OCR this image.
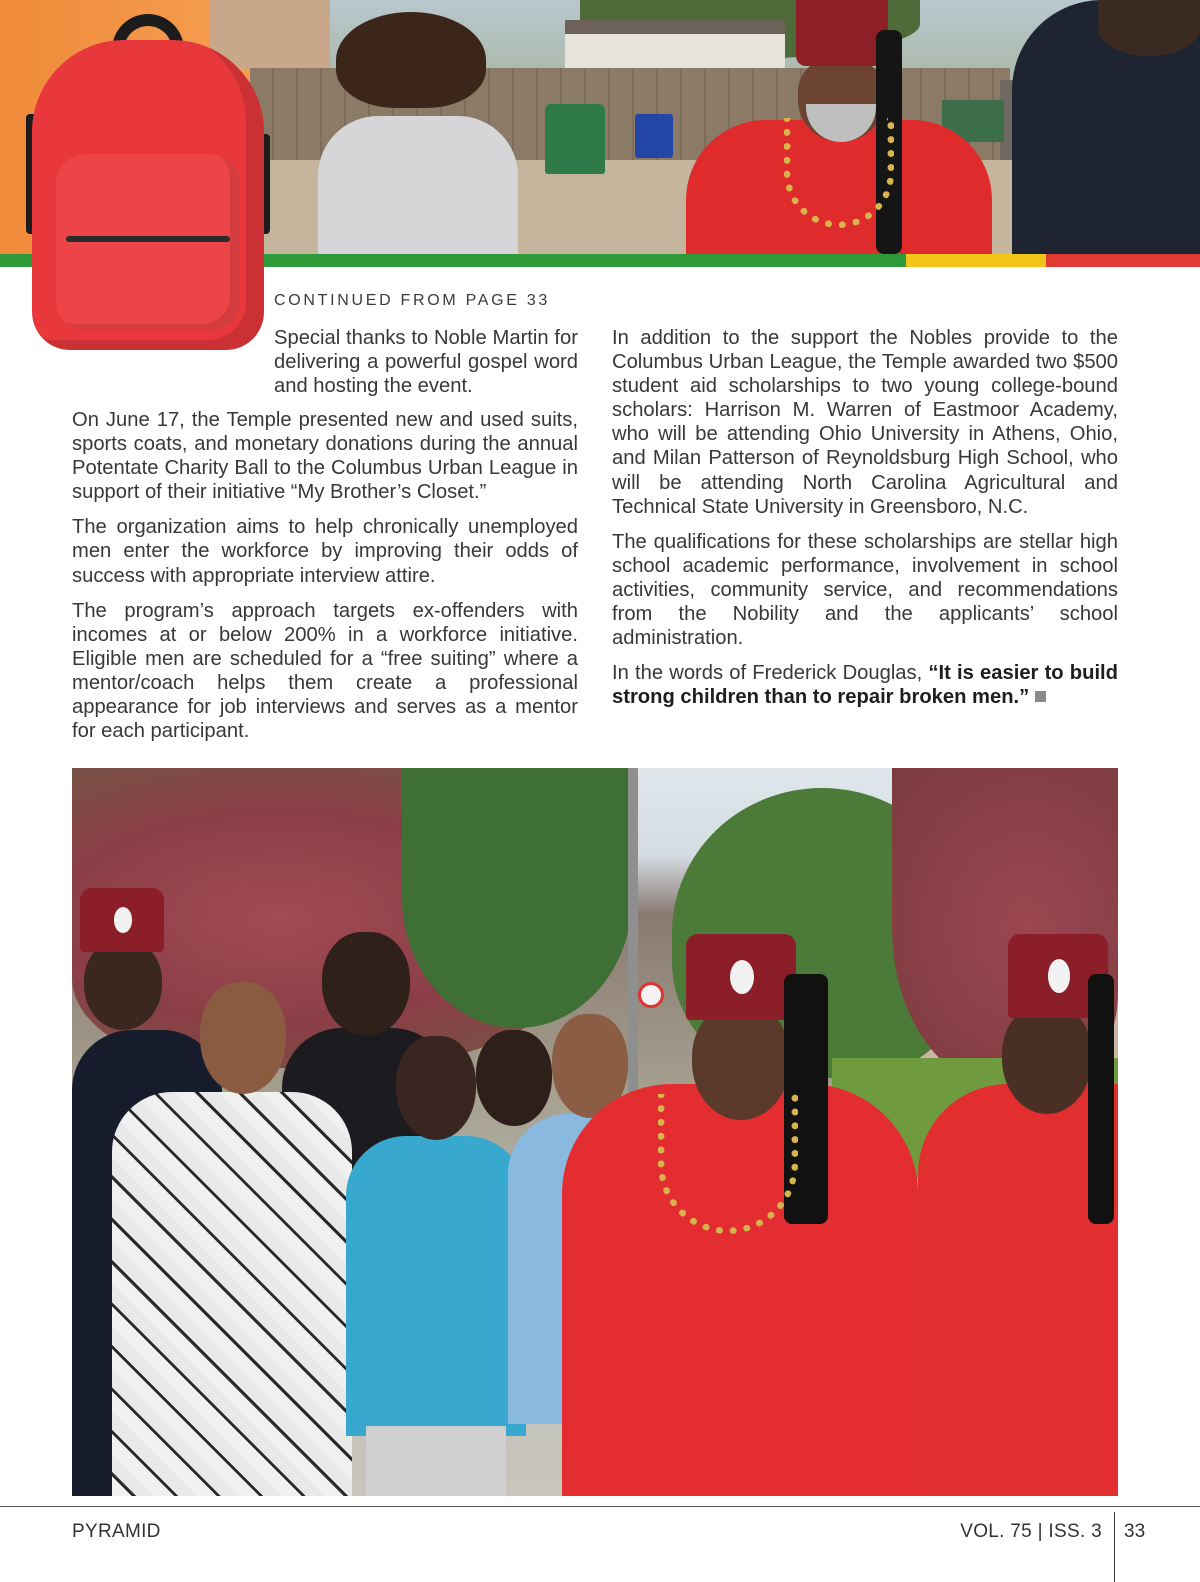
CONTINUED FROM PAGE 33

Special thanks to Noble Martin for delivering a powerful gospel word and hosting the event.

On June 17, the Temple presented new and used suits, sports coats, and monetary donations during the annual Potentate Charity Ball to the Columbus Urban League in support of their initiative “My Brother’s Closet.”

The organization aims to help chronically unemployed men enter the workforce by improving their odds of success with appropriate interview attire.

The program’s approach targets ex-offenders with incomes at or below 200% in a workforce initiative. Eligible men are scheduled for a “free suiting” where a mentor/coach helps them create a professional appearance for job interviews and serves as a mentor for each participant.

In addition to the support the Nobles provide to the Columbus Urban League, the Temple awarded two $500 student aid scholarships to two young college-bound scholars: Harrison M. Warren of Eastmoor Academy, who will be attending Ohio University in Athens, Ohio, and Milan Patterson of Reynoldsburg High School, who will be attending North Carolina Agricultural and Technical State University in Greensboro, N.C.

The qualifications for these scholarships are stellar high school academic performance, involvement in school activities, community service, and recommendations from the Nobility and the applicants’ school administration.

In the words of Frederick Douglas, “It is easier to build strong children than to repair broken men.”

PYRAMID	VOL. 75 | ISS. 3 33
